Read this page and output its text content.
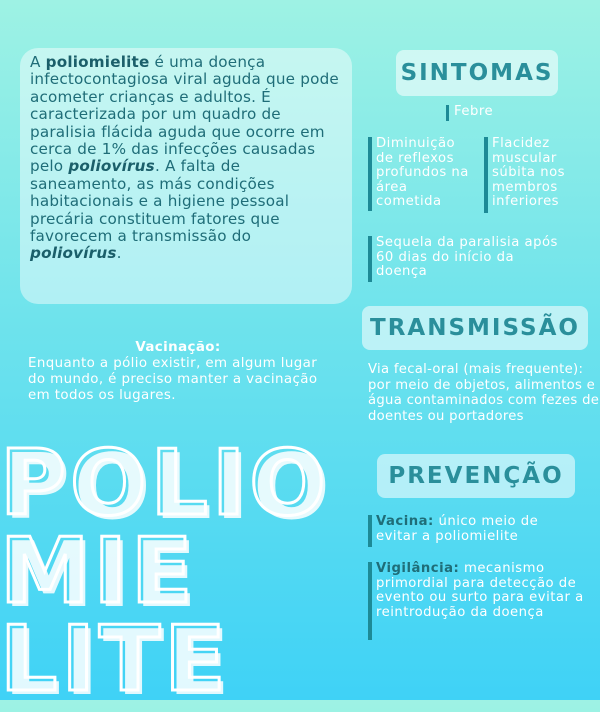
A poliomielite é uma doença infectocontagiosa viral aguda que pode acometer crianças e adultos. É caracterizada por um quadro de paralisia flácida aguda que ocorre em cerca de 1% das infecções causadas pelo poliovírus. A falta de saneamento, as más condições habitacionais e a higiene pessoal precária constituem fatores que favorecem a transmissão do poliovírus.

Vacinação:
Enquanto a pólio existir, em algum lugar do mundo, é preciso manter a vacinação em todos os lugares.
POLIO
MIE
LITE
SINTOMAS
Febre
Diminuição de reflexos profundos na área cometida
Flacidez muscular súbita nos membros inferiores
Sequela da paralisia após 60 dias do início da doença
TRANSMISSÃO
Via fecal-oral (mais frequente): por meio de objetos, alimentos e água contaminados com fezes de doentes ou portadores
PREVENÇÃO
Vacina: único meio de evitar a poliomielite
Vigilância: mecanismo primordial para detecção de evento ou surto para evitar a reintrodução da doença
